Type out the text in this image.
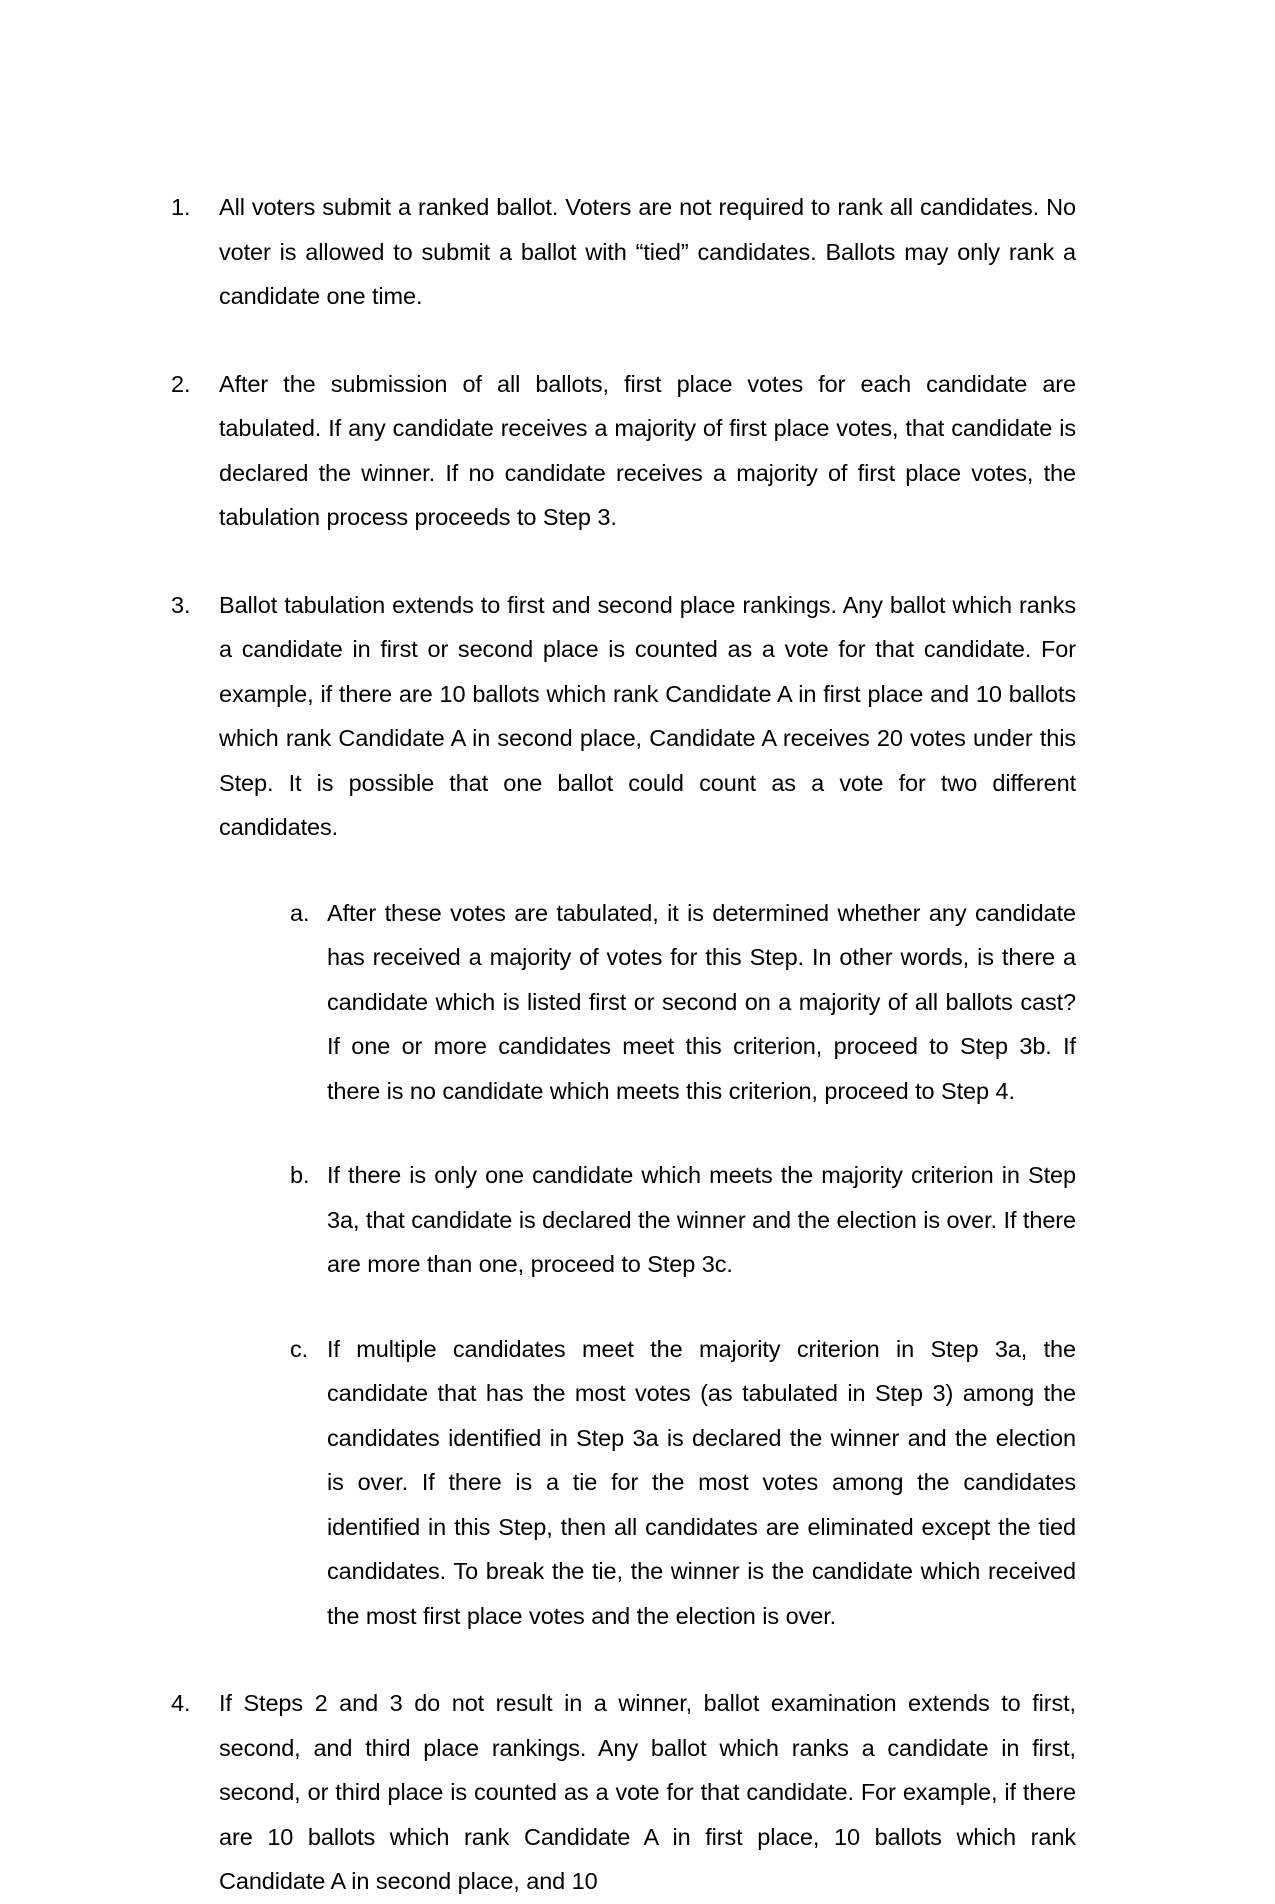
1.	All voters submit a ranked ballot. Voters are not required to rank all candidates. No voter is allowed to submit a ballot with “tied” candidates. Ballots may only rank a candidate one time.
2.	After the submission of all ballots, first place votes for each candidate are tabulated. If any candidate receives a majority of first place votes, that candidate is declared the winner. If no candidate receives a majority of first place votes, the tabulation process proceeds to Step 3.
3.	Ballot tabulation extends to first and second place rankings. Any ballot which ranks a candidate in first or second place is counted as a vote for that candidate. For example, if there are 10 ballots which rank Candidate A in first place and 10 ballots which rank Candidate A in second place, Candidate A receives 20 votes under this Step. It is possible that one ballot could count as a vote for two different candidates.
a. After these votes are tabulated, it is determined whether any candidate has received a majority of votes for this Step. In other words, is there a candidate which is listed first or second on a majority of all ballots cast? If one or more candidates meet this criterion, proceed to Step 3b. If there is no candidate which meets this criterion, proceed to Step 4.
b. If there is only one candidate which meets the majority criterion in Step 3a, that candidate is declared the winner and the election is over. If there are more than one, proceed to Step 3c.
c. If multiple candidates meet the majority criterion in Step 3a, the candidate that has the most votes (as tabulated in Step 3) among the candidates identified in Step 3a is declared the winner and the election is over. If there is a tie for the most votes among the candidates identified in this Step, then all candidates are eliminated except the tied candidates. To break the tie, the winner is the candidate which received the most first place votes and the election is over.
4.	If Steps 2 and 3 do not result in a winner, ballot examination extends to first, second, and third place rankings. Any ballot which ranks a candidate in first, second, or third place is counted as a vote for that candidate. For example, if there are 10 ballots which rank Candidate A in first place, 10 ballots which rank Candidate A in second place, and 10
